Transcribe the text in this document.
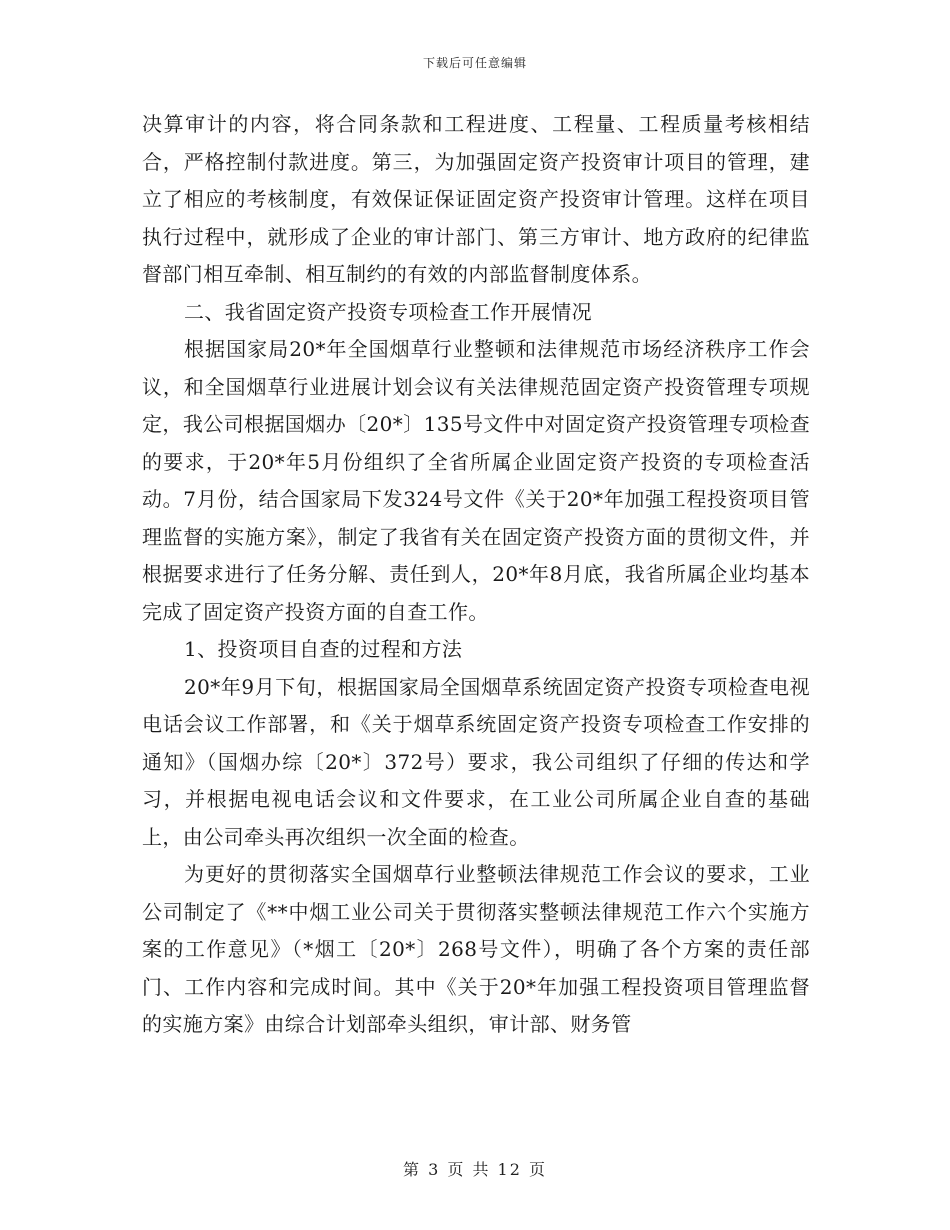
下载后可任意编辑

决算审计的内容，将合同条款和工程进度、工程量、工程质量考核相结合，严格控制付款进度。第三，为加强固定资产投资审计项目的管理，建立了相应的考核制度，有效保证保证固定资产投资审计管理。这样在项目执行过程中，就形成了企业的审计部门、第三方审计、地方政府的纪律监督部门相互牵制、相互制约的有效的内部监督制度体系。

二、我省固定资产投资专项检查工作开展情况

根据国家局20*年全国烟草行业整顿和法律规范市场经济秩序工作会议，和全国烟草行业进展计划会议有关法律规范固定资产投资管理专项规定，我公司根据国烟办〔20*〕135号文件中对固定资产投资管理专项检查的要求，于20*年5月份组织了全省所属企业固定资产投资的专项检查活动。7月份，结合国家局下发324号文件《关于20*年加强工程投资项目管理监督的实施方案》，制定了我省有关在固定资产投资方面的贯彻文件，并根据要求进行了任务分解、责任到人，20*年8月底，我省所属企业均基本完成了固定资产投资方面的自查工作。

1、投资项目自查的过程和方法

20*年9月下旬，根据国家局全国烟草系统固定资产投资专项检查电视电话会议工作部署，和《关于烟草系统固定资产投资专项检查工作安排的通知》（国烟办综〔20*〕372号）要求，我公司组织了仔细的传达和学习，并根据电视电话会议和文件要求，在工业公司所属企业自查的基础上，由公司牵头再次组织一次全面的检查。

为更好的贯彻落实全国烟草行业整顿法律规范工作会议的要求，工业公司制定了《**中烟工业公司关于贯彻落实整顿法律规范工作六个实施方案的工作意见》（*烟工〔20*〕268号文件），明确了各个方案的责任部门、工作内容和完成时间。其中《关于20*年加强工程投资项目管理监督的实施方案》由综合计划部牵头组织，审计部、财务管

第 3 页 共 12 页
